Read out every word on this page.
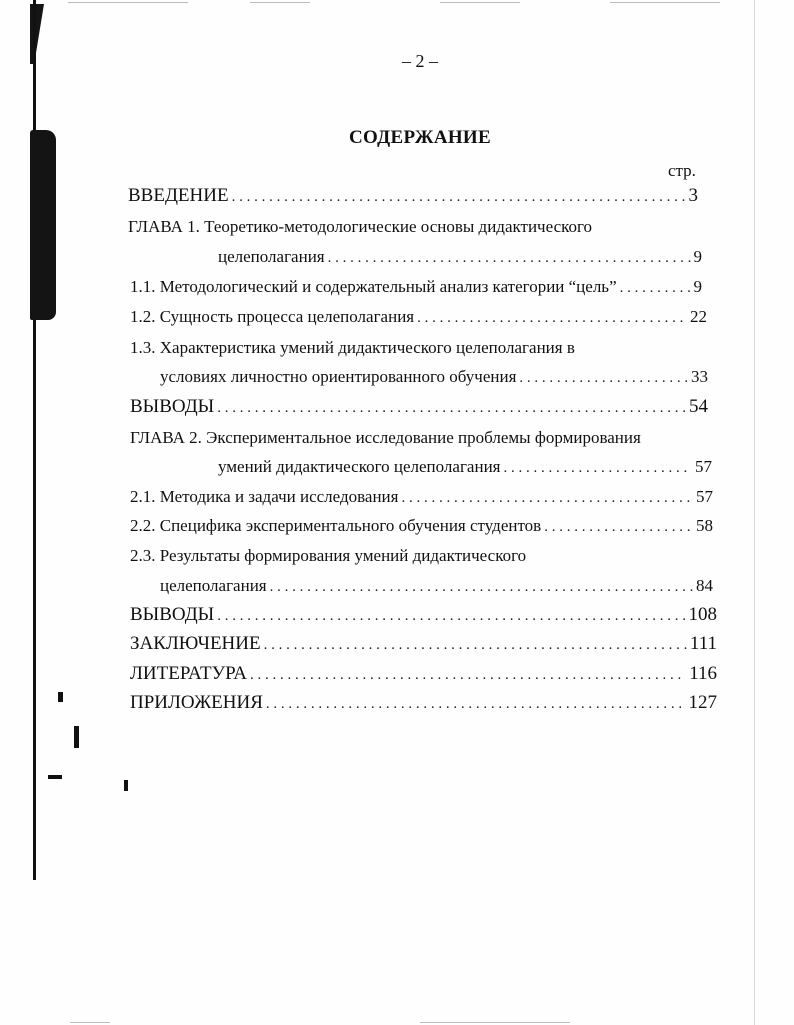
– 2 –
СОДЕРЖАНИЕ
стр.
ВВЕДЕНИЕ . . .	3
ГЛАВА 1. Теоретико-методологические основы дидактического
целеполагания . . .	9
1.1. Методологический и содержательный анализ категории “цель” . . .	9
1.2. Сущность процесса целеполагания . . .	22
1.3. Характеристика умений дидактического целеполагания в
условиях личностно ориентированного обучения . . .	33
ВЫВОДЫ . . .	54
ГЛАВА 2. Экспериментальное исследование проблемы формирования
умений дидактического целеполагания . . .	57
2.1. Методика и задачи исследования . . .	57
2.2. Специфика экспериментального обучения студентов . . .	58
2.3. Результаты формирования умений дидактического
целеполагания . . .	84
ВЫВОДЫ . . .	108
ЗАКЛЮЧЕНИЕ . . .	111
ЛИТЕРАТУРА . . .	116
ПРИЛОЖЕНИЯ . . .	127
